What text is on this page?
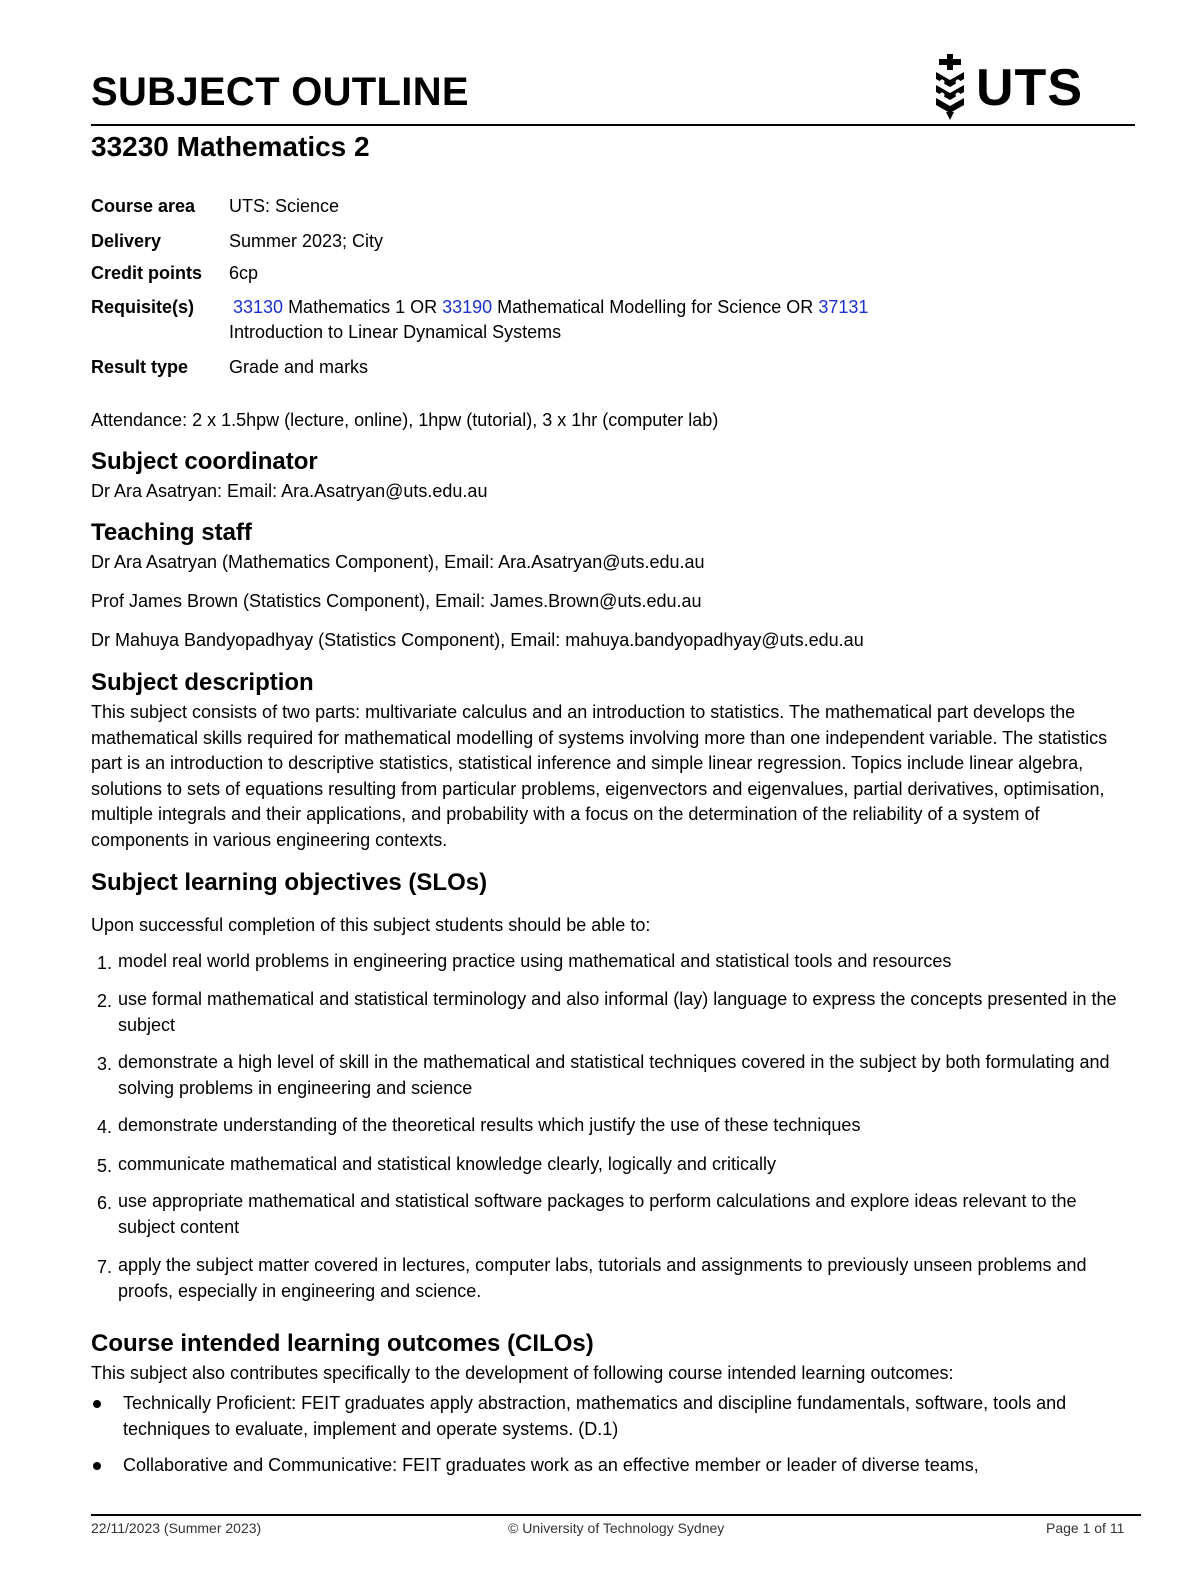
SUBJECT OUTLINE	UTS
33230 Mathematics 2
Course area UTS: Science
Delivery	Summer 2023; City
Credit points 6cp
Requisite(s) 33130 Mathematics 1 OR 33190 Mathematical Modelling for Science OR 37131
Introduction to Linear Dynamical Systems
Result type Grade and marks
Attendance: 2 x 1.5hpw (lecture, online), 1hpw (tutorial), 3 x 1hr (computer lab)
Subject coordinator
Dr Ara Asatryan: Email: Ara.Asatryan@uts.edu.au
Teaching staff
Dr Ara Asatryan (Mathematics Component), Email: Ara.Asatryan@uts.edu.au
Prof James Brown (Statistics Component), Email: James.Brown@uts.edu.au
Dr Mahuya Bandyopadhyay (Statistics Component), Email: mahuya.bandyopadhyay@uts.edu.au
Subject description
This subject consists of two parts: multivariate calculus and an introduction to statistics. The mathematical part develops the mathematical skills required for mathematical modelling of systems involving more than one independent variable. The statistics part is an introduction to descriptive statistics, statistical inference and simple linear regression. Topics include linear algebra, solutions to sets of equations resulting from particular problems, eigenvectors and eigenvalues, partial derivatives, optimisation, multiple integrals and their applications, and probability with a focus on the determination of the reliability of a system of components in various engineering contexts.
Subject learning objectives (SLOs)
Upon successful completion of this subject students should be able to:
1. model real world problems in engineering practice using mathematical and statistical tools and resources
2. use formal mathematical and statistical terminology and also informal (lay) language to express the concepts presented in the subject
3. demonstrate a high level of skill in the mathematical and statistical techniques covered in the subject by both formulating and solving problems in engineering and science
4. demonstrate understanding of the theoretical results which justify the use of these techniques
5. communicate mathematical and statistical knowledge clearly, logically and critically
6. use appropriate mathematical and statistical software packages to perform calculations and explore ideas relevant to the subject content
7. apply the subject matter covered in lectures, computer labs, tutorials and assignments to previously unseen problems and proofs, especially in engineering and science.
Course intended learning outcomes (CILOs)
This subject also contributes specifically to the development of following course intended learning outcomes:
Technically Proficient: FEIT graduates apply abstraction, mathematics and discipline fundamentals, software, tools and techniques to evaluate, implement and operate systems. (D.1)
Collaborative and Communicative: FEIT graduates work as an effective member or leader of diverse teams,
22/11/2023 (Summer 2023)	© University of Technology Sydney	Page 1 of 11
